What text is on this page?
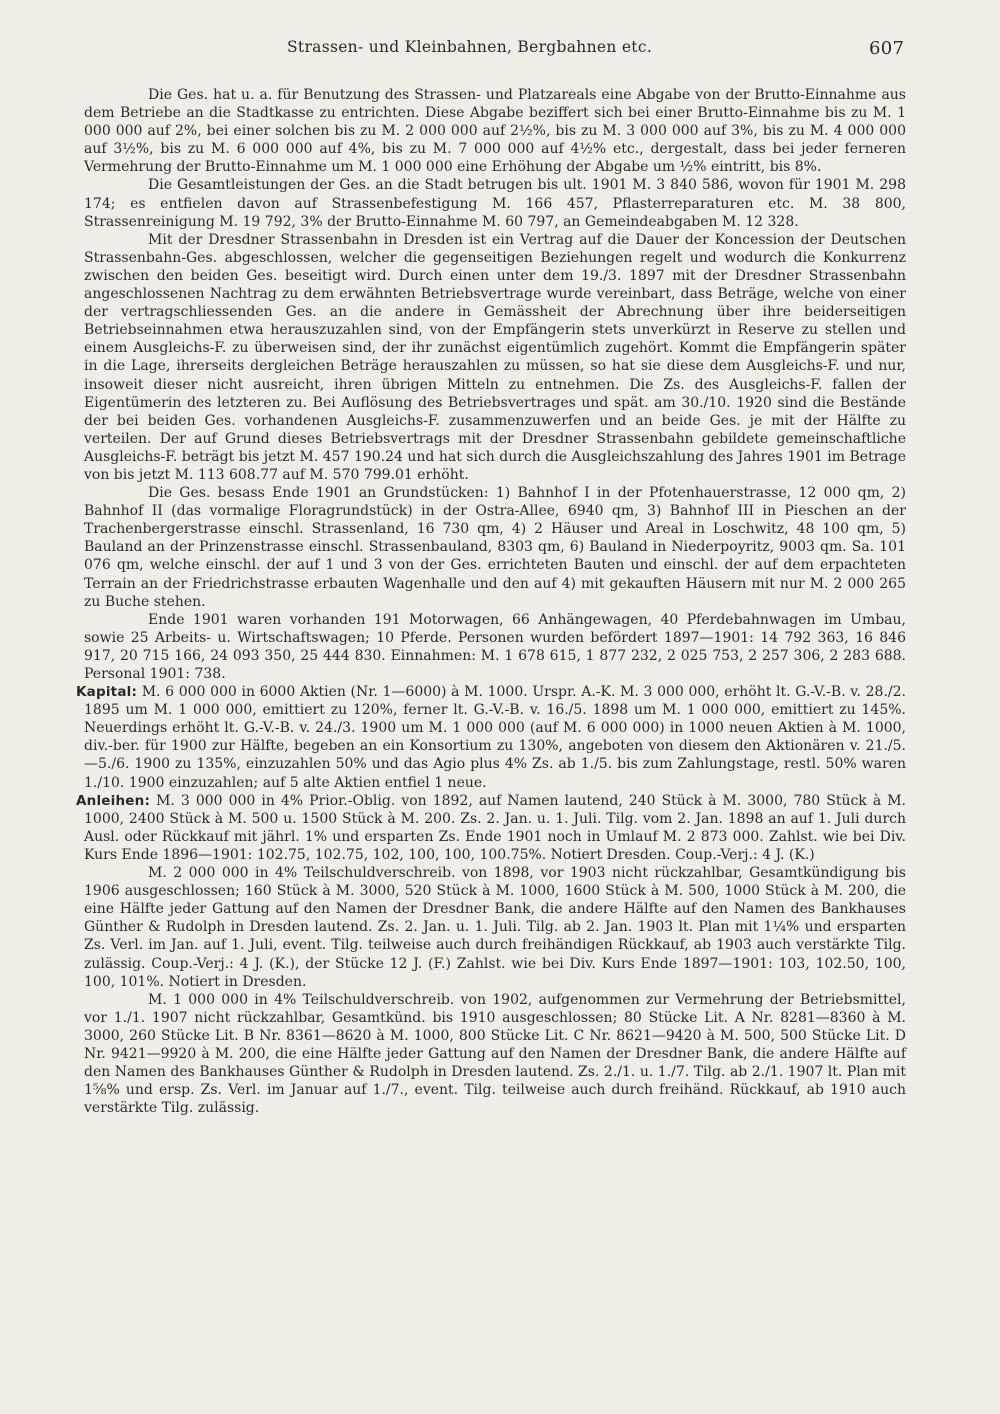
Strassen- und Kleinbahnen, Bergbahnen etc.	607

Die Ges. hat u. a. für Benutzung des Strassen- und Platzareals eine Abgabe von der Brutto-Einnahme aus dem Betriebe an die Stadtkasse zu entrichten. Diese Abgabe beziffert sich bei einer Brutto-Einnahme bis zu M. 1 000 000 auf 2%, bei einer solchen bis zu M. 2 000 000 auf 2½%, bis zu M. 3 000 000 auf 3%, bis zu M. 4 000 000 auf 3½%, bis zu M. 6 000 000 auf 4%, bis zu M. 7 000 000 auf 4½% etc., dergestalt, dass bei jeder ferneren Vermehrung der Brutto-Einnahme um M. 1 000 000 eine Erhöhung der Abgabe um ½% eintritt, bis 8%.

Die Gesamtleistungen der Ges. an die Stadt betrugen bis ult. 1901 M. 3 840 586, wovon für 1901 M. 298 174; es entfielen davon auf Strassenbefestigung M. 166 457, Pflasterreparaturen etc. M. 38 800, Strassenreinigung M. 19 792, 3% der Brutto-Einnahme M. 60 797, an Gemeindeabgaben M. 12 328.

Mit der Dresdner Strassenbahn in Dresden ist ein Vertrag auf die Dauer der Koncession der Deutschen Strassenbahn-Ges. abgeschlossen, welcher die gegenseitigen Beziehungen regelt und wodurch die Konkurrenz zwischen den beiden Ges. beseitigt wird. Durch einen unter dem 19./3. 1897 mit der Dresdner Strassenbahn angeschlossenen Nachtrag zu dem erwähnten Betriebsvertrage wurde vereinbart, dass Beträge, welche von einer der vertragschliessenden Ges. an die andere in Gemässheit der Abrechnung über ihre beiderseitigen Betriebseinnahmen etwa herauszuzahlen sind, von der Empfängerin stets unverkürzt in Reserve zu stellen und einem Ausgleichs-F. zu überweisen sind, der ihr zunächst eigentümlich zugehört. Kommt die Empfängerin später in die Lage, ihrerseits dergleichen Beträge herauszahlen zu müssen, so hat sie diese dem Ausgleichs-F. und nur, insoweit dieser nicht ausreicht, ihren übrigen Mitteln zu entnehmen. Die Zs. des Ausgleichs-F. fallen der Eigentümerin des letzteren zu. Bei Auflösung des Betriebsvertrages und spät. am 30./10. 1920 sind die Bestände der bei beiden Ges. vorhandenen Ausgleichs-F. zusammenzuwerfen und an beide Ges. je mit der Hälfte zu verteilen. Der auf Grund dieses Betriebsvertrags mit der Dresdner Strassenbahn gebildete gemeinschaftliche Ausgleichs-F. beträgt bis jetzt M. 457 190.24 und hat sich durch die Ausgleichszahlung des Jahres 1901 im Betrage von bis jetzt M. 113 608.77 auf M. 570 799.01 erhöht.

Die Ges. besass Ende 1901 an Grundstücken: 1) Bahnhof I in der Pfotenhauerstrasse, 12 000 qm, 2) Bahnhof II (das vormalige Floragrundstück) in der Ostra-Allee, 6940 qm, 3) Bahnhof III in Pieschen an der Trachenbergerstrasse einschl. Strassenland, 16 730 qm, 4) 2 Häuser und Areal in Loschwitz, 48 100 qm, 5) Bauland an der Prinzenstrasse einschl. Strassenbauland, 8303 qm, 6) Bauland in Niederpoyritz, 9003 qm. Sa. 101 076 qm, welche einschl. der auf 1 und 3 von der Ges. errichteten Bauten und einschl. der auf dem erpachteten Terrain an der Friedrichstrasse erbauten Wagenhalle und den auf 4) mit gekauften Häusern mit nur M. 2 000 265 zu Buche stehen.

Ende 1901 waren vorhanden 191 Motorwagen, 66 Anhängewagen, 40 Pferdebahnwagen im Umbau, sowie 25 Arbeits- u. Wirtschaftswagen; 10 Pferde. Personen wurden befördert 1897—1901: 14 792 363, 16 846 917, 20 715 166, 24 093 350, 25 444 830. Einnahmen: M. 1 678 615, 1 877 232, 2 025 753, 2 257 306, 2 283 688. Personal 1901: 738.

Kapital: M. 6 000 000 in 6000 Aktien (Nr. 1—6000) à M. 1000. Urspr. A.-K. M. 3 000 000, erhöht lt. G.-V.-B. v. 28./2. 1895 um M. 1 000 000, emittiert zu 120%, ferner lt. G.-V.-B. v. 16./5. 1898 um M. 1 000 000, emittiert zu 145%. Neuerdings erhöht lt. G.-V.-B. v. 24./3. 1900 um M. 1 000 000 (auf M. 6 000 000) in 1000 neuen Aktien à M. 1000, div.-ber. für 1900 zur Hälfte, begeben an ein Konsortium zu 130%, angeboten von diesem den Aktionären v. 21./5.—5./6. 1900 zu 135%, einzuzahlen 50% und das Agio plus 4% Zs. ab 1./5. bis zum Zahlungstage, restl. 50% waren 1./10. 1900 einzuzahlen; auf 5 alte Aktien entfiel 1 neue.

Anleihen: M. 3 000 000 in 4% Prior.-Oblig. von 1892, auf Namen lautend, 240 Stück à M. 3000, 780 Stück à M. 1000, 2400 Stück à M. 500 u. 1500 Stück à M. 200. Zs. 2. Jan. u. 1. Juli. Tilg. vom 2. Jan. 1898 an auf 1. Juli durch Ausl. oder Rückkauf mit jährl. 1% und ersparten Zs. Ende 1901 noch in Umlauf M. 2 873 000. Zahlst. wie bei Div. Kurs Ende 1896—1901: 102.75, 102.75, 102, 100, 100, 100.75%. Notiert Dresden. Coup.-Verj.: 4 J. (K.)

M. 2 000 000 in 4% Teilschuldverschreib. von 1898, vor 1903 nicht rückzahlbar, Gesamtkündigung bis 1906 ausgeschlossen; 160 Stück à M. 3000, 520 Stück à M. 1000, 1600 Stück à M. 500, 1000 Stück à M. 200, die eine Hälfte jeder Gattung auf den Namen der Dresdner Bank, die andere Hälfte auf den Namen des Bankhauses Günther & Rudolph in Dresden lautend. Zs. 2. Jan. u. 1. Juli. Tilg. ab 2. Jan. 1903 lt. Plan mit 1¼% und ersparten Zs. Verl. im Jan. auf 1. Juli, event. Tilg. teilweise auch durch freihändigen Rückkauf, ab 1903 auch verstärkte Tilg. zulässig. Coup.-Verj.: 4 J. (K.), der Stücke 12 J. (F.) Zahlst. wie bei Div. Kurs Ende 1897—1901: 103, 102.50, 100, 100, 101%. Notiert in Dresden.

M. 1 000 000 in 4% Teilschuldverschreib. von 1902, aufgenommen zur Vermehrung der Betriebsmittel, vor 1./1. 1907 nicht rückzahlbar, Gesamtkünd. bis 1910 ausgeschlossen; 80 Stücke Lit. A Nr. 8281—8360 à M. 3000, 260 Stücke Lit. B Nr. 8361—8620 à M. 1000, 800 Stücke Lit. C Nr. 8621—9420 à M. 500, 500 Stücke Lit. D Nr. 9421—9920 à M. 200, die eine Hälfte jeder Gattung auf den Namen der Dresdner Bank, die andere Hälfte auf den Namen des Bankhauses Günther & Rudolph in Dresden lautend. Zs. 2./1. u. 1./7. Tilg. ab 2./1. 1907 lt. Plan mit 1⅝% und ersp. Zs. Verl. im Januar auf 1./7., event. Tilg. teilweise auch durch freihänd. Rückkauf, ab 1910 auch verstärkte Tilg. zulässig.
